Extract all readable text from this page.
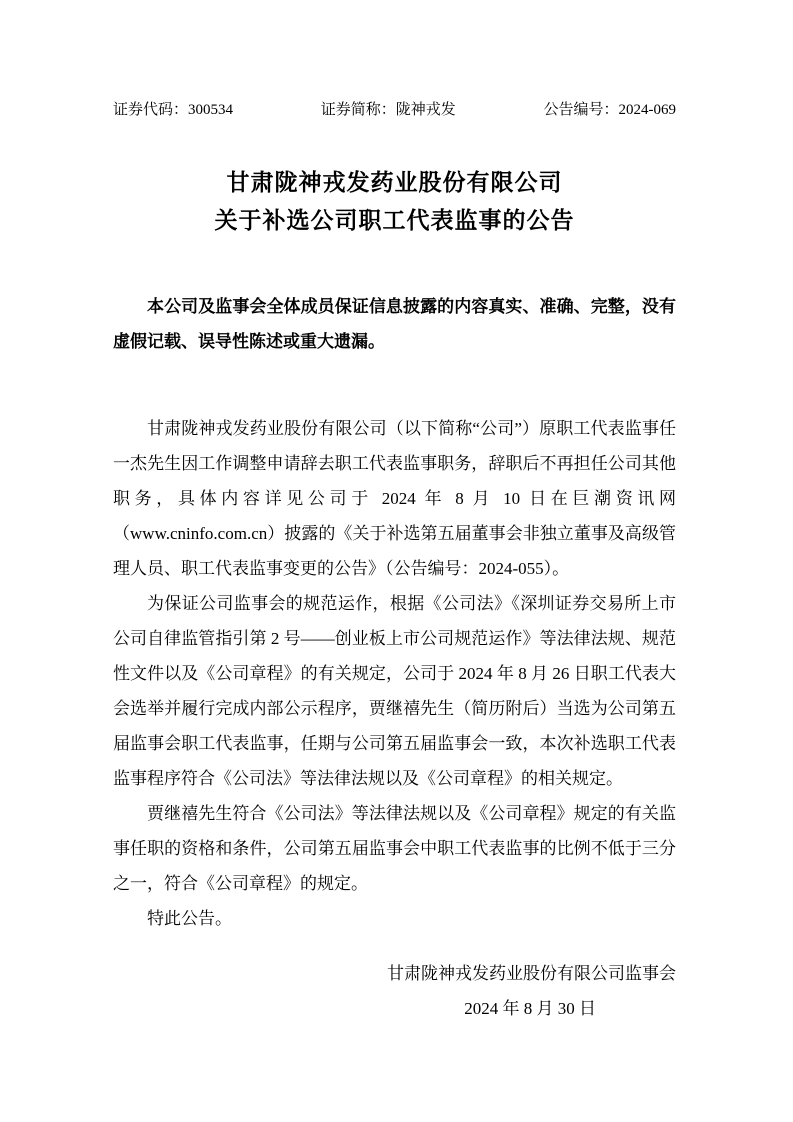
证券代码：300534	证券简称：陇神戎发	公告编号：2024-069
甘肃陇神戎发药业股份有限公司
关于补选公司职工代表监事的公告

本公司及监事会全体成员保证信息披露的内容真实、准确、完整，没有虚假记载、误导性陈述或重大遗漏。

甘肃陇神戎发药业股份有限公司（以下简称“公司”）原职工代表监事任一杰先生因工作调整申请辞去职工代表监事职务，辞职后不再担任公司其他职务，具体内容详见公司于 2024 年 8 月 10 日在巨潮资讯网（www.cninfo.com.cn）披露的《关于补选第五届董事会非独立董事及高级管理人员、职工代表监事变更的公告》（公告编号：2024-055）。

为保证公司监事会的规范运作，根据《公司法》《深圳证券交易所上市公司自律监管指引第 2 号——创业板上市公司规范运作》等法律法规、规范性文件以及《公司章程》的有关规定，公司于 2024 年 8 月 26 日职工代表大会选举并履行完成内部公示程序，贾继禧先生（简历附后）当选为公司第五届监事会职工代表监事，任期与公司第五届监事会一致，本次补选职工代表监事程序符合《公司法》等法律法规以及《公司章程》的相关规定。

贾继禧先生符合《公司法》等法律法规以及《公司章程》规定的有关监事任职的资格和条件，公司第五届监事会中职工代表监事的比例不低于三分之一，符合《公司章程》的规定。

特此公告。

甘肃陇神戎发药业股份有限公司监事会
2024 年 8 月 30 日
